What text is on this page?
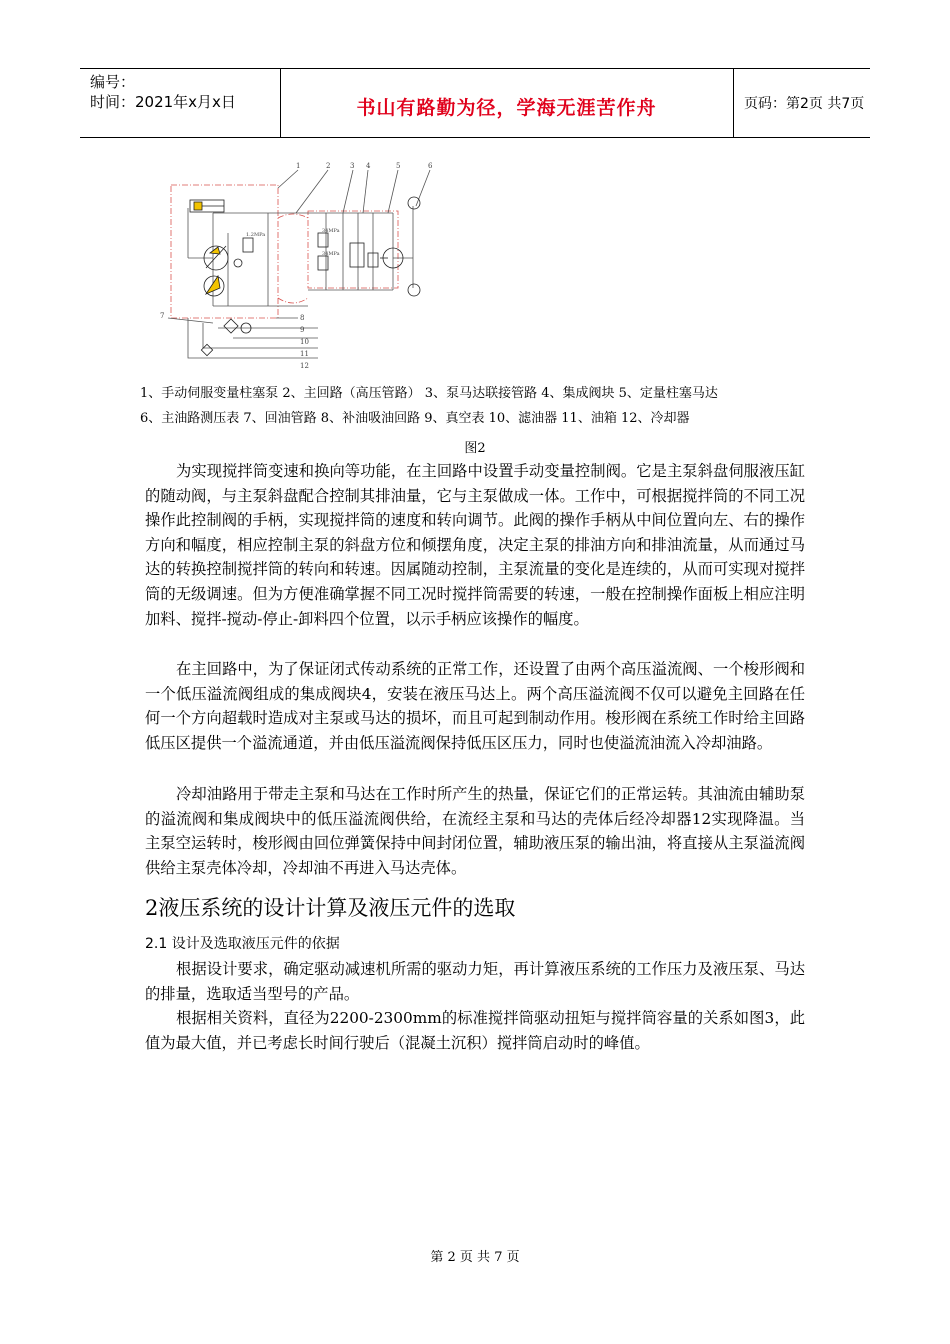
编号：
时间：2021年x月x日	书山有路勤为径，学海无涯苦作舟	页码：第2页 共7页
1	2	3 4	5	6
7	8
9
10
11
12
34MPa
34MPa
1.2MPa
1、手动伺服变量柱塞泵 2、主回路（高压管路） 3、泵马达联接管路 4、集成阀块 5、定量柱塞马达
6、主油路测压表 7、回油管路 8、补油吸油回路 9、真空表 10、滤油器 11、油箱 12、冷却器
图2
为实现搅拌筒变速和换向等功能，在主回路中设置手动变量控制阀。它是主泵斜盘伺服液压缸的随动阀，与主泵斜盘配合控制其排油量，它与主泵做成一体。工作中，可根据搅拌筒的不同工况操作此控制阀的手柄，实现搅拌筒的速度和转向调节。此阀的操作手柄从中间位置向左、右的操作方向和幅度，相应控制主泵的斜盘方位和倾摆角度，决定主泵的排油方向和排油流量，从而通过马达的转换控制搅拌筒的转向和转速。因属随动控制，主泵流量的变化是连续的，从而可实现对搅拌筒的无级调速。但为方便准确掌握不同工况时搅拌筒需要的转速，一般在控制操作面板上相应注明加料、搅拌-搅动-停止-卸料四个位置，以示手柄应该操作的幅度。
在主回路中，为了保证闭式传动系统的正常工作，还设置了由两个高压溢流阀、一个梭形阀和一个低压溢流阀组成的集成阀块4，安装在液压马达上。两个高压溢流阀不仅可以避免主回路在任何一个方向超载时造成对主泵或马达的损坏，而且可起到制动作用。梭形阀在系统工作时给主回路低压区提供一个溢流通道，并由低压溢流阀保持低压区压力，同时也使溢流油流入冷却油路。
冷却油路用于带走主泵和马达在工作时所产生的热量，保证它们的正常运转。其油流由辅助泵的溢流阀和集成阀块中的低压溢流阀供给，在流经主泵和马达的壳体后经冷却器12实现降温。当主泵空运转时，梭形阀由回位弹簧保持中间封闭位置，辅助液压泵的输出油，将直接从主泵溢流阀供给主泵壳体冷却，冷却油不再进入马达壳体。
2液压系统的设计计算及液压元件的选取
2.1 设计及选取液压元件的依据
根据设计要求，确定驱动减速机所需的驱动力矩，再计算液压系统的工作压力及液压泵、马达的排量，选取适当型号的产品。
根据相关资料，直径为2200-2300mm的标准搅拌筒驱动扭矩与搅拌筒容量的关系如图3，此值为最大值，并已考虑长时间行驶后（混凝土沉积）搅拌筒启动时的峰值。
第 2 页 共 7 页
